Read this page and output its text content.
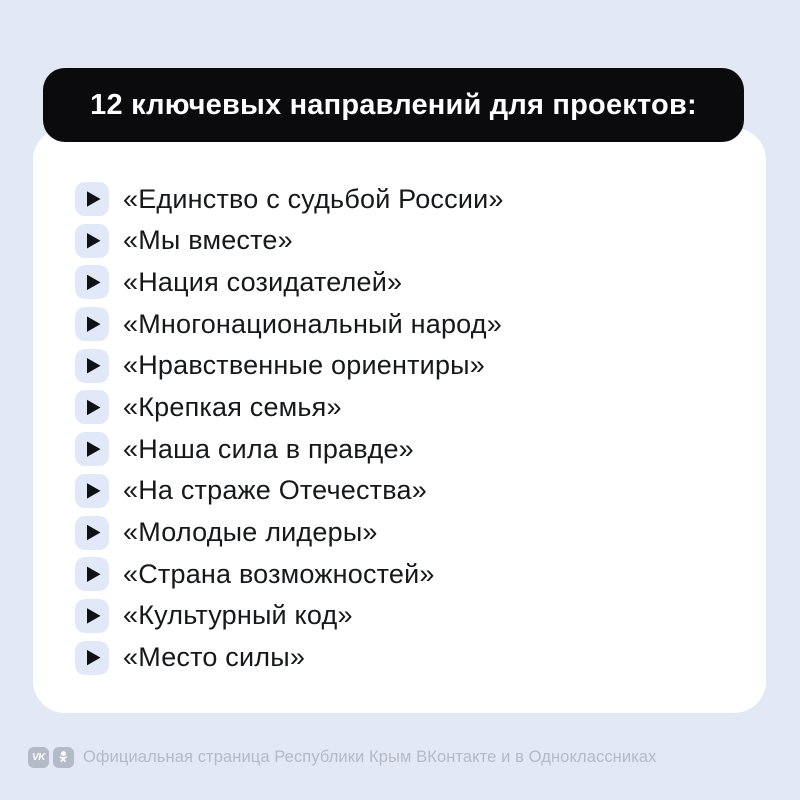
12 ключевых направлений для проектов:
«Единство с судьбой России»
«Мы вместе»
«Нация созидателей»
«Многонациональный народ»
«Нравственные ориентиры»
«Крепкая семья»
«Наша сила в правде»
«На страже Отечества»
«Молодые лидеры»
«Страна возможностей»
«Культурный код»
«Место силы»
VK Официальная страница Республики Крым ВКонтакте и в Одноклассниках
